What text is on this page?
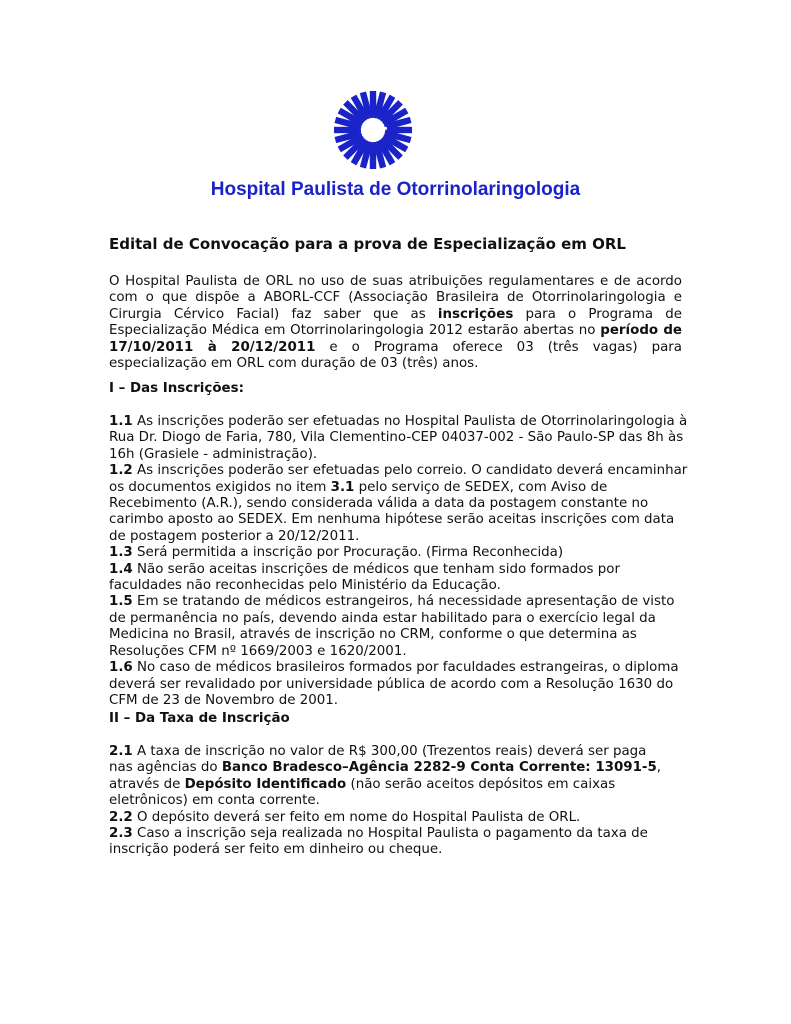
Hospital Paulista de Otorrinolaringologia
Edital de Convocação para a prova de Especialização em ORL
O Hospital Paulista de ORL no uso de suas atribuições regulamentares e de acordo com o que dispõe a ABORL-CCF (Associação Brasileira de Otorrinolaringologia e Cirurgia Cérvico Facial) faz saber que as inscrições para o Programa de Especialização Médica em Otorrinolaringologia 2012 estarão abertas no período de 17/10/2011 à 20/12/2011 e o Programa oferece 03 (três vagas) para especialização em ORL com duração de 03 (três) anos.
I – Das Inscrições:
1.1 As inscrições poderão ser efetuadas no Hospital Paulista de Otorrinolaringologia à Rua Dr. Diogo de Faria, 780, Vila Clementino-CEP 04037-002 - São Paulo-SP das 8h às 16h (Grasiele - administração).
1.2 As inscrições poderão ser efetuadas pelo correio. O candidato deverá encaminhar os documentos exigidos no item 3.1 pelo serviço de SEDEX, com Aviso de Recebimento (A.R.), sendo considerada válida a data da postagem constante no carimbo aposto ao SEDEX. Em nenhuma hipótese serão aceitas inscrições com data de postagem posterior a 20/12/2011.
1.3 Será permitida a inscrição por Procuração. (Firma Reconhecida)
1.4 Não serão aceitas inscrições de médicos que tenham sido formados por faculdades não reconhecidas pelo Ministério da Educação.
1.5 Em se tratando de médicos estrangeiros, há necessidade apresentação de visto de permanência no país, devendo ainda estar habilitado para o exercício legal da Medicina no Brasil, através de inscrição no CRM, conforme o que determina as Resoluções CFM nº 1669/2003 e 1620/2001.
1.6 No caso de médicos brasileiros formados por faculdades estrangeiras, o diploma deverá ser revalidado por universidade pública de acordo com a Resolução 1630 do CFM de 23 de Novembro de 2001.
II – Da Taxa de Inscrição
2.1 A taxa de inscrição no valor de R$ 300,00 (Trezentos reais) deverá ser paga nas agências do Banco Bradesco–Agência 2282-9 Conta Corrente: 13091-5, através de Depósito Identificado (não serão aceitos depósitos em caixas eletrônicos) em conta corrente.
2.2 O depósito deverá ser feito em nome do Hospital Paulista de ORL.
2.3 Caso a inscrição seja realizada no Hospital Paulista o pagamento da taxa de inscrição poderá ser feito em dinheiro ou cheque.
